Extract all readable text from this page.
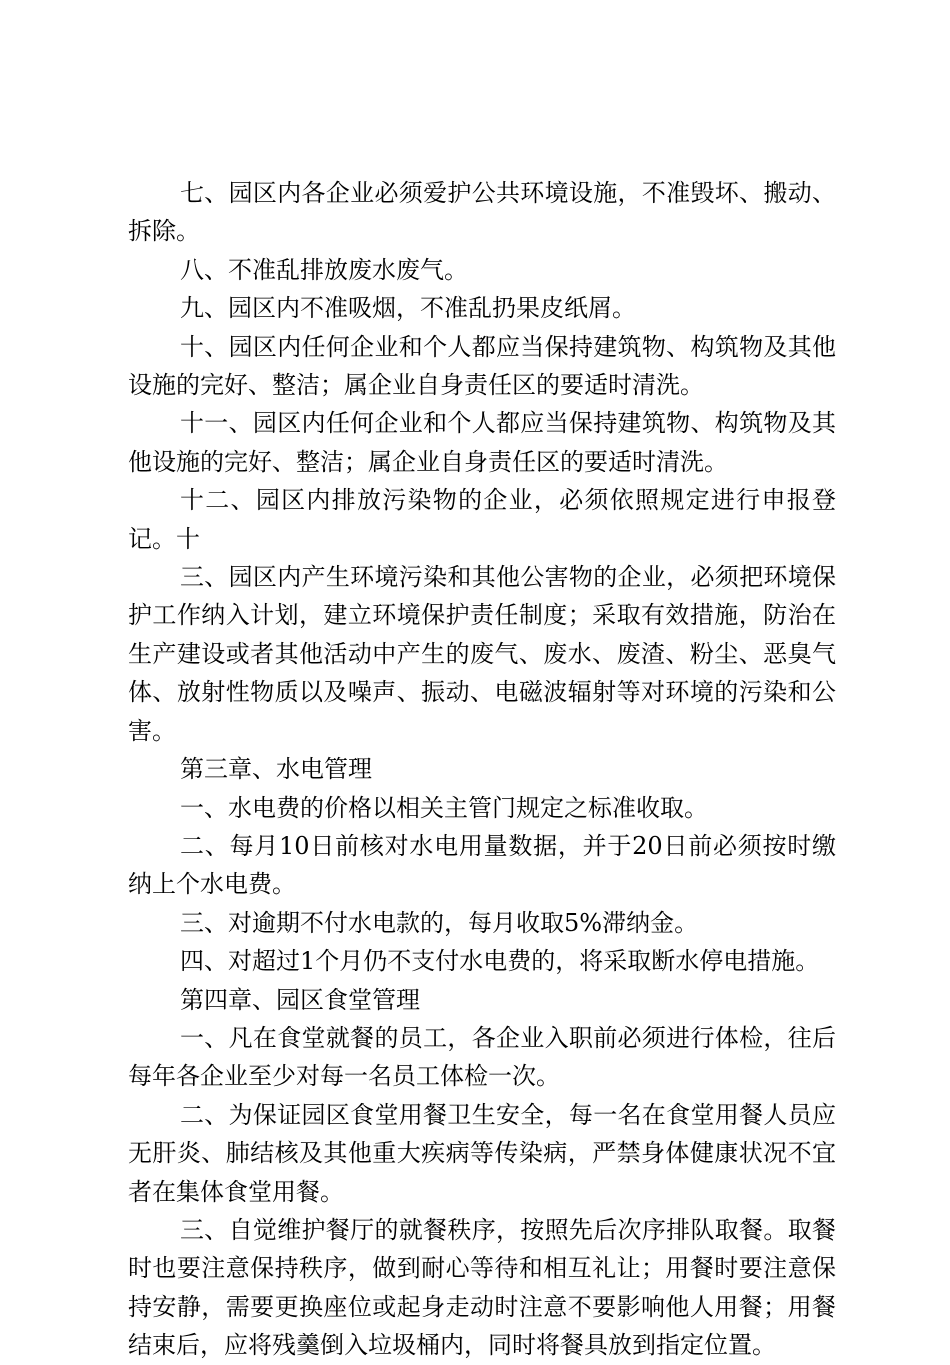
七、园区内各企业必须爱护公共环境设施，不准毁坏、搬动、拆除。

八、不准乱排放废水废气。

九、园区内不准吸烟，不准乱扔果皮纸屑。

十、园区内任何企业和个人都应当保持建筑物、构筑物及其他设施的完好、整洁；属企业自身责任区的要适时清洗。

十一、园区内任何企业和个人都应当保持建筑物、构筑物及其他设施的完好、整洁；属企业自身责任区的要适时清洗。

十二、园区内排放污染物的企业，必须依照规定进行申报登记。十

三、园区内产生环境污染和其他公害物的企业，必须把环境保护工作纳入计划，建立环境保护责任制度；采取有效措施，防治在生产建设或者其他活动中产生的废气、废水、废渣、粉尘、恶臭气体、放射性物质以及噪声、振动、电磁波辐射等对环境的污染和公害。

第三章、水电管理

一、水电费的价格以相关主管门规定之标准收取。

二、每月10日前核对水电用量数据，并于20日前必须按时缴纳上个水电费。

三、对逾期不付水电款的，每月收取5%滞纳金。

四、对超过1个月仍不支付水电费的，将采取断水停电措施。

第四章、园区食堂管理

一、凡在食堂就餐的员工，各企业入职前必须进行体检，往后每年各企业至少对每一名员工体检一次。

二、为保证园区食堂用餐卫生安全，每一名在食堂用餐人员应无肝炎、肺结核及其他重大疾病等传染病，严禁身体健康状况不宜者在集体食堂用餐。

三、自觉维护餐厅的就餐秩序，按照先后次序排队取餐。取餐时也要注意保持秩序，做到耐心等待和相互礼让；用餐时要注意保持安静，需要更换座位或起身走动时注意不要影响他人用餐；用餐结束后，应将残羹倒入垃圾桶内，同时将餐具放到指定位置。
